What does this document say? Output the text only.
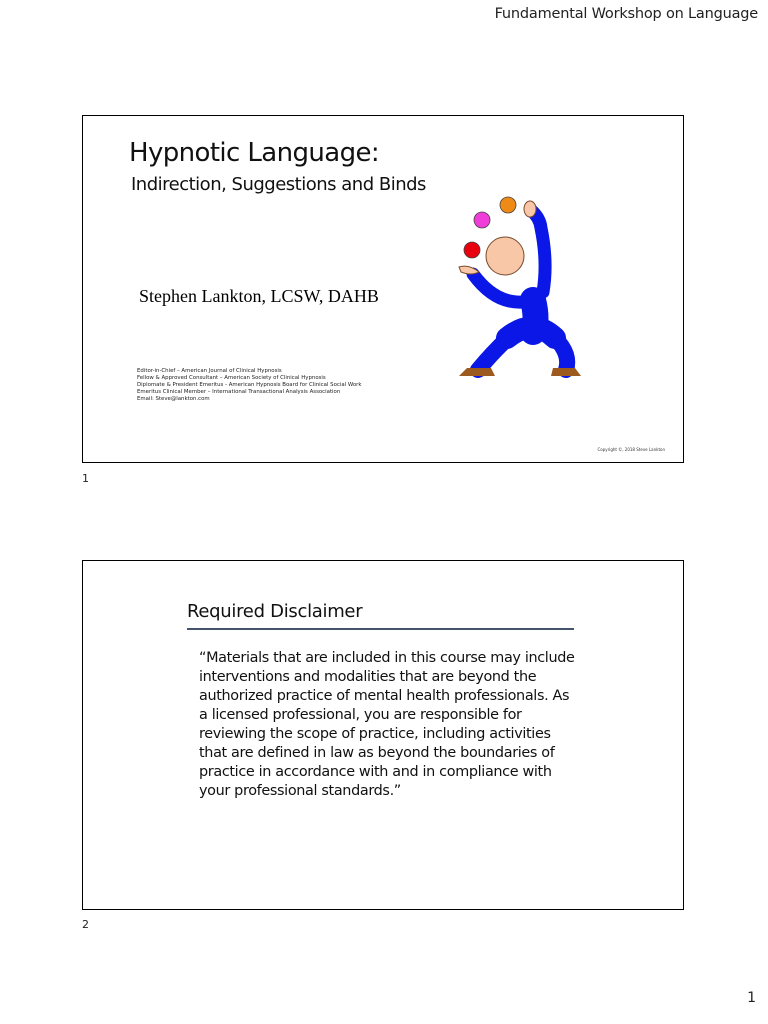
Fundamental Workshop on Language
Hypnotic Language:
Indirection, Suggestions and Binds
Stephen Lankton, LCSW, DAHB
Editor-in-Chief – American Journal of Clinical Hypnosis
Fellow & Approved Consultant – American Society of Clinical Hypnosis
Diplomate & President Emeritus - American Hypnosis Board for Clinical Social Work
Emeritus Clinical Member – International Transactional Analysis Association
Email: Steve@lankton.com
Copyright ©, 2018 Steve Lankton
1
Required Disclaimer
“Materials that are included in this course may include interventions and modalities that are beyond the authorized practice of mental health professionals. As a licensed professional, you are responsible for reviewing the scope of practice, including activities that are defined in law as beyond the boundaries of practice in accordance with and in compliance with your professional standards.”
2
1
